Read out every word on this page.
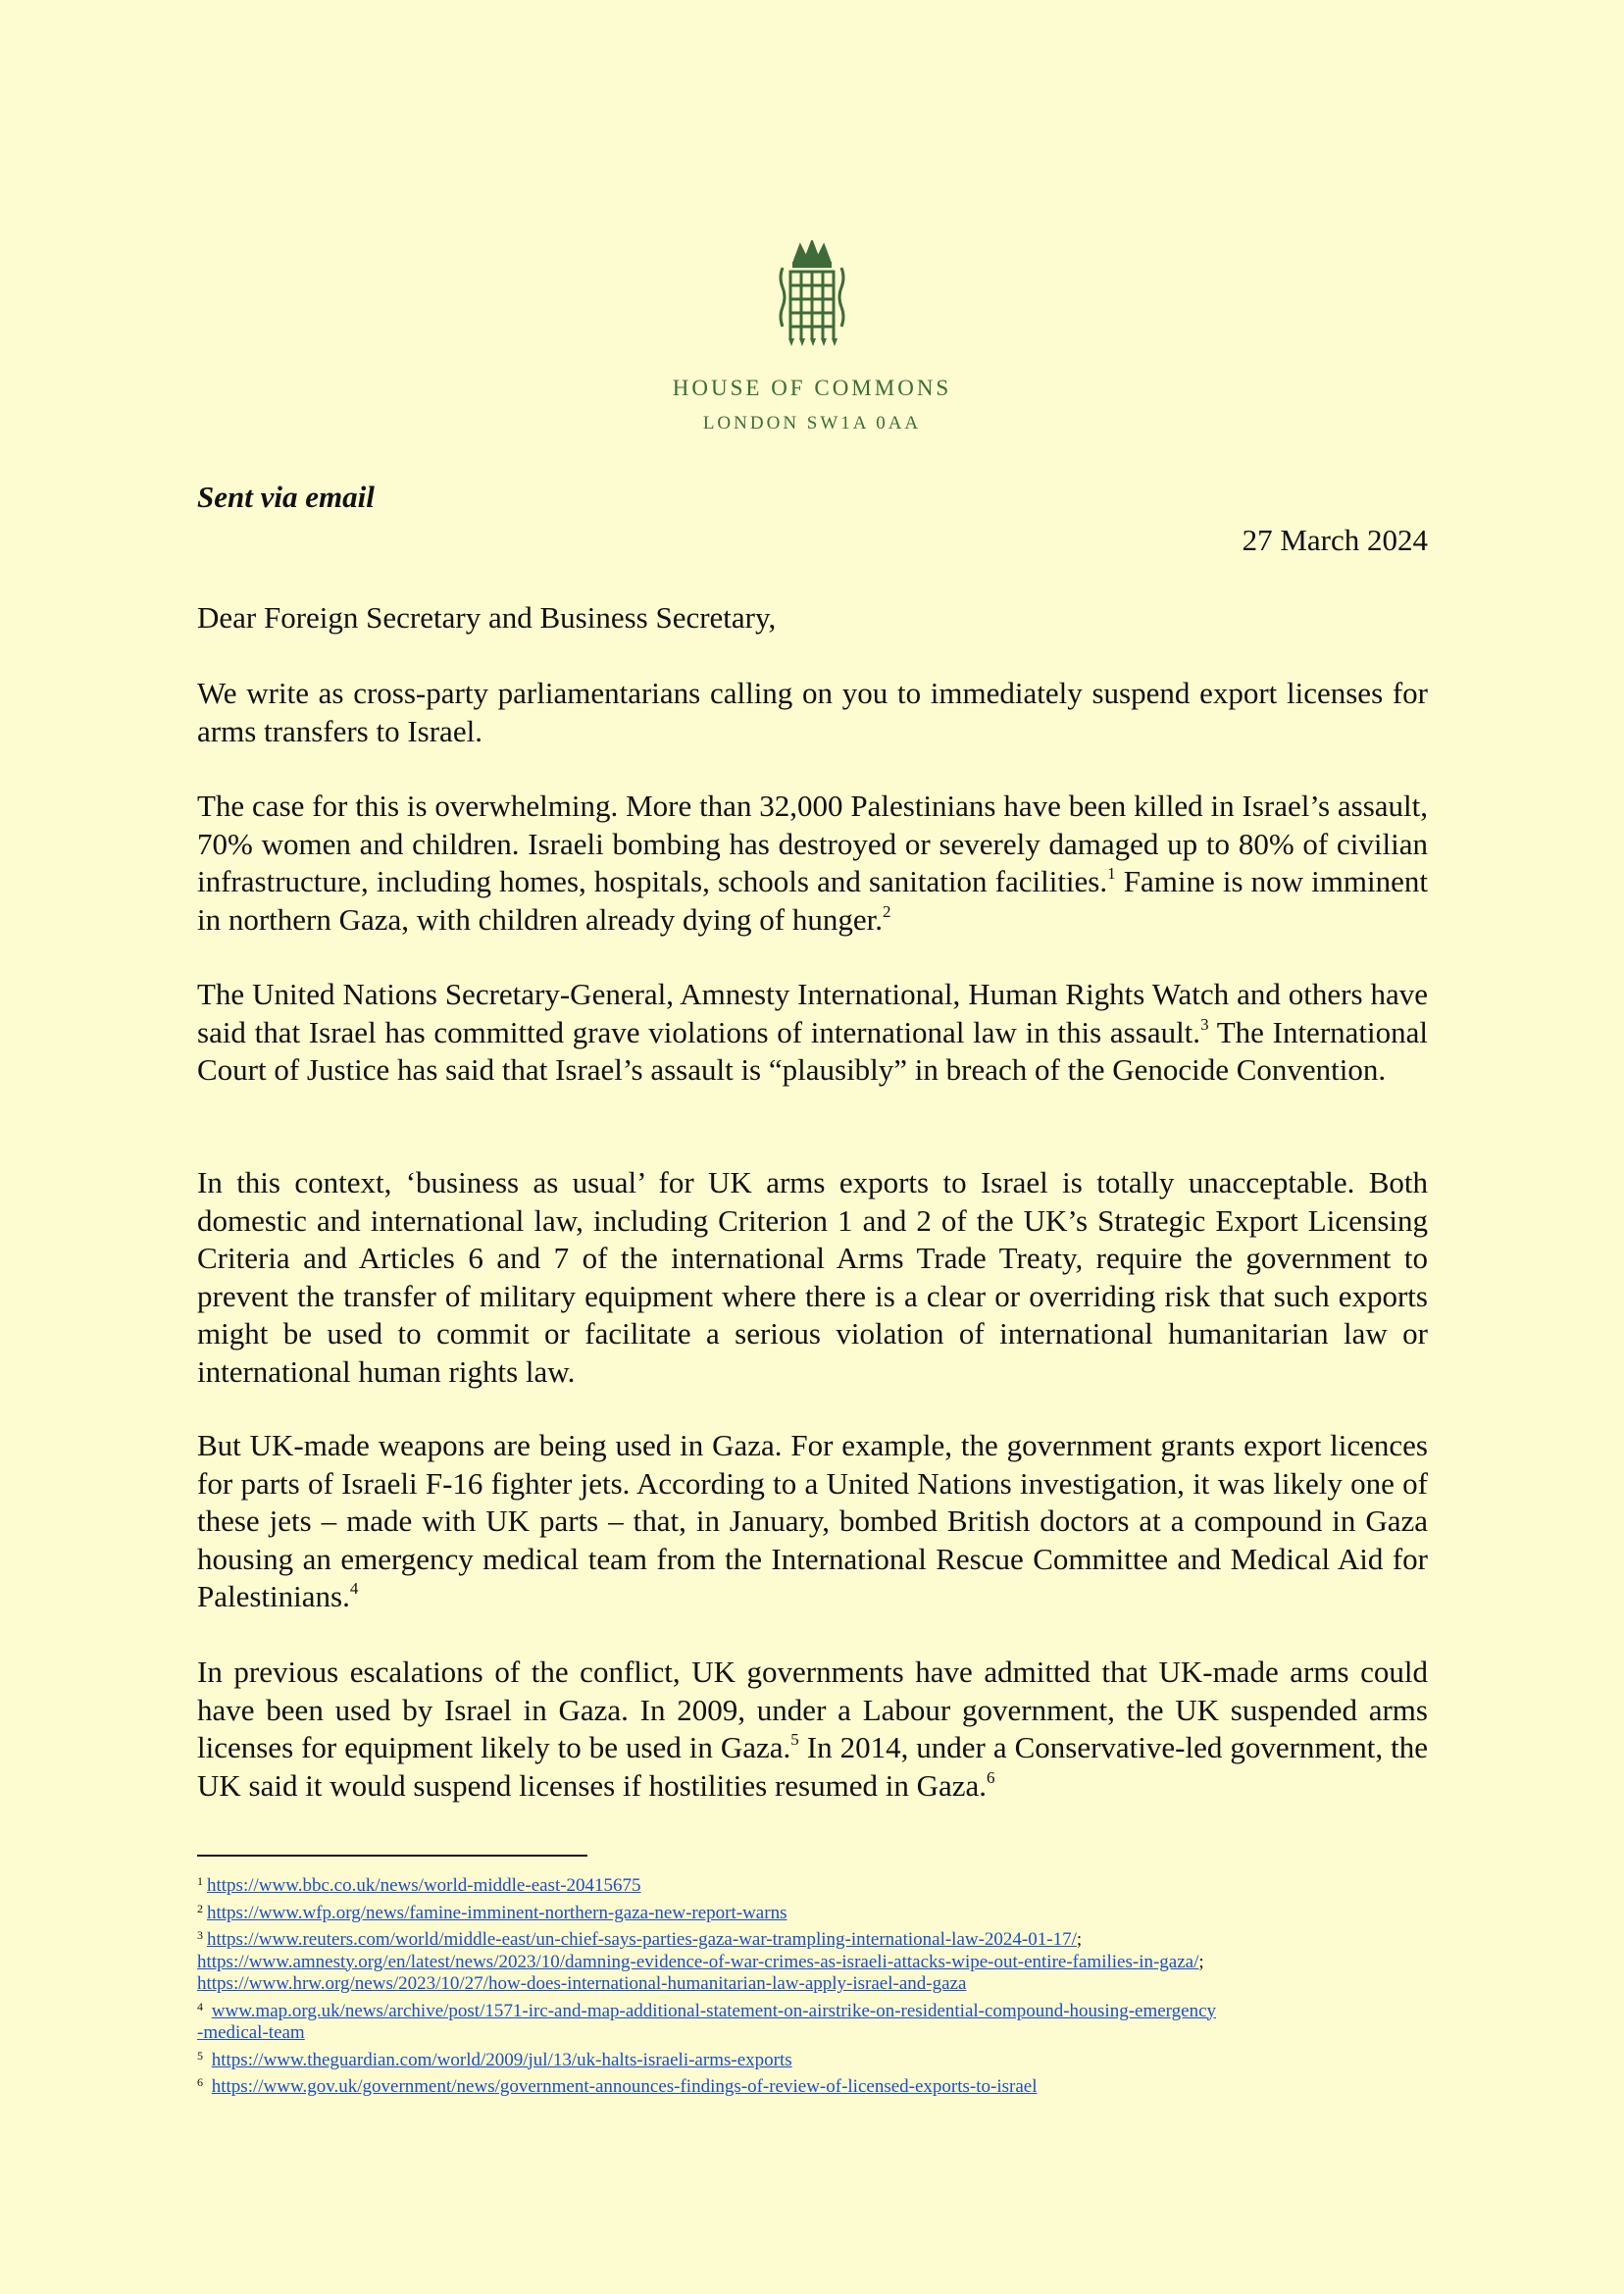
HOUSE OF COMMONS
LONDON SW1A 0AA
Sent via email
27 March 2024
Dear Foreign Secretary and Business Secretary,
We write as cross-party parliamentarians calling on you to immediately suspend export licenses for arms transfers to Israel.
The case for this is overwhelming. More than 32,000 Palestinians have been killed in Israel’s assault, 70% women and children. Israeli bombing has destroyed or severely damaged up to 80% of civilian infrastructure, including homes, hospitals, schools and sanitation facilities.$^1$ Famine is now imminent in northern Gaza, with children already dying of hunger.$^2$
The United Nations Secretary-General, Amnesty International, Human Rights Watch and others have said that Israel has committed grave violations of international law in this assault.$^3$ The International Court of Justice has said that Israel’s assault is “plausibly” in breach of the Genocide Convention.
In this context, ‘business as usual’ for UK arms exports to Israel is totally unacceptable. Both domestic and international law, including Criterion 1 and 2 of the UK’s Strategic Export Licensing Criteria and Articles 6 and 7 of the international Arms Trade Treaty, require the government to prevent the transfer of military equipment where there is a clear or overriding risk that such exports might be used to commit or facilitate a serious violation of international humanitarian law or international human rights law.
But UK-made weapons are being used in Gaza. For example, the government grants export licences for parts of Israeli F-16 fighter jets. According to a United Nations investigation, it was likely one of these jets – made with UK parts – that, in January, bombed British doctors at a compound in Gaza housing an emergency medical team from the International Rescue Committee and Medical Aid for Palestinians.$^4$
In previous escalations of the conflict, UK governments have admitted that UK-made arms could have been used by Israel in Gaza. In 2009, under a Labour government, the UK suspended arms licenses for equipment likely to be used in Gaza.$^5$ In 2014, under a Conservative-led government, the UK said it would suspend licenses if hostilities resumed in Gaza.$^6$

$^1$ https://www.bbc.co.uk/news/world-middle-east-20415675

$^2$ https://www.wfp.org/news/famine-imminent-northern-gaza-new-report-warns

$^3$ https://www.reuters.com/world/middle-east/un-chief-says-parties-gaza-war-trampling-international-law-2024-01-17/;
https://www.amnesty.org/en/latest/news/2023/10/damning-evidence-of-war-crimes-as-israeli-attacks-wipe-out-entire-families-in-gaza/;
https://www.hrw.org/news/2023/10/27/how-does-international-humanitarian-law-apply-israel-and-gaza

$^4$ www.map.org.uk/news/archive/post/1571-irc-and-map-additional-statement-on-airstrike-on-residential-compound-housing-emergency
-medical-team

$^5$ https://www.theguardian.com/world/2009/jul/13/uk-halts-israeli-arms-exports

$^6$ https://www.gov.uk/government/news/government-announces-findings-of-review-of-licensed-exports-to-israel
